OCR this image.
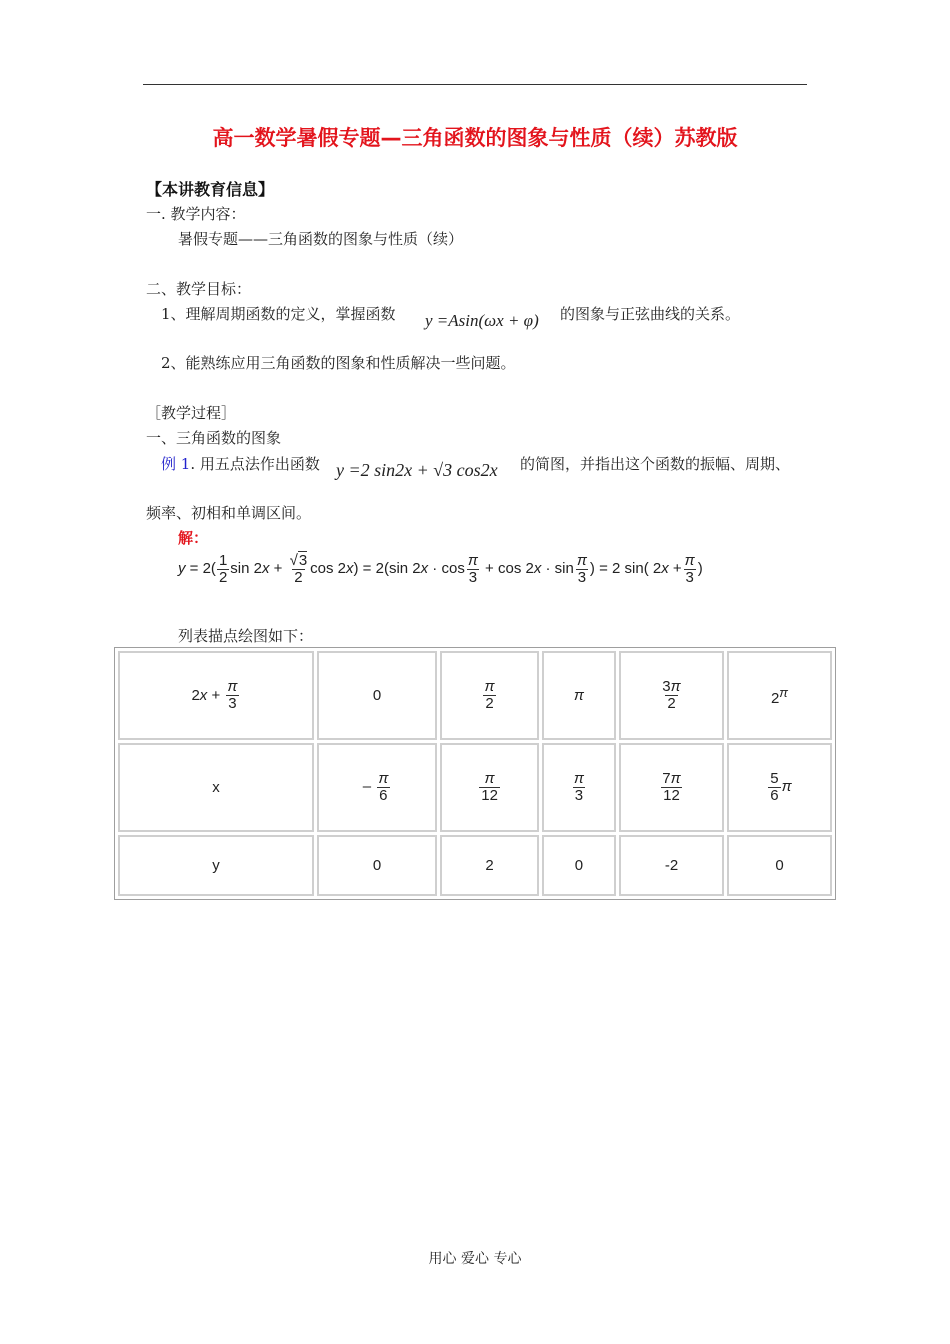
高一数学暑假专题—三角函数的图象与性质（续）苏教版
【本讲教育信息】
一. 教学内容：
暑假专题——三角函数的图象与性质（续）
二、教学目标：
1、理解周期函数的定义，掌握函数 y =Asin(ωx + φ) 的图象与正弦曲线的关系。
2、能熟练应用三角函数的图象和性质解决一些问题。
［教学过程］
一、三角函数的图象
例 1. 用五点法作出函数 y =2 sin2x + √3 cos2x 的简图，并指出这个函数的振幅、周期、
频率、初相和单调区间。
解：
$y = 2( \frac{1}{2}$ $\sin 2x + \frac{√3}{2}$ cos 2x) = 2(sin $2x \cdot \cos \frac{\pi}{3} + \cos 2x \cdot \sin \frac{\pi}{3}$ ) = 2 sin( $2x + \frac{\pi}{3}$ )
列表描点绘图如下：
$2x + \frac{\pi}{3}$	0	$\frac{\pi}{2}$	π	$\frac{3\pi}{2}$	$2^\pi$
x	– $\frac{\pi}{6}$	$\frac{\pi}{12}$	$\frac{\pi}{3}$	$\frac{7\pi}{12}$	$\frac{5}{6}$ π
y	0	2	0	-2	0
用心 爱心 专心
